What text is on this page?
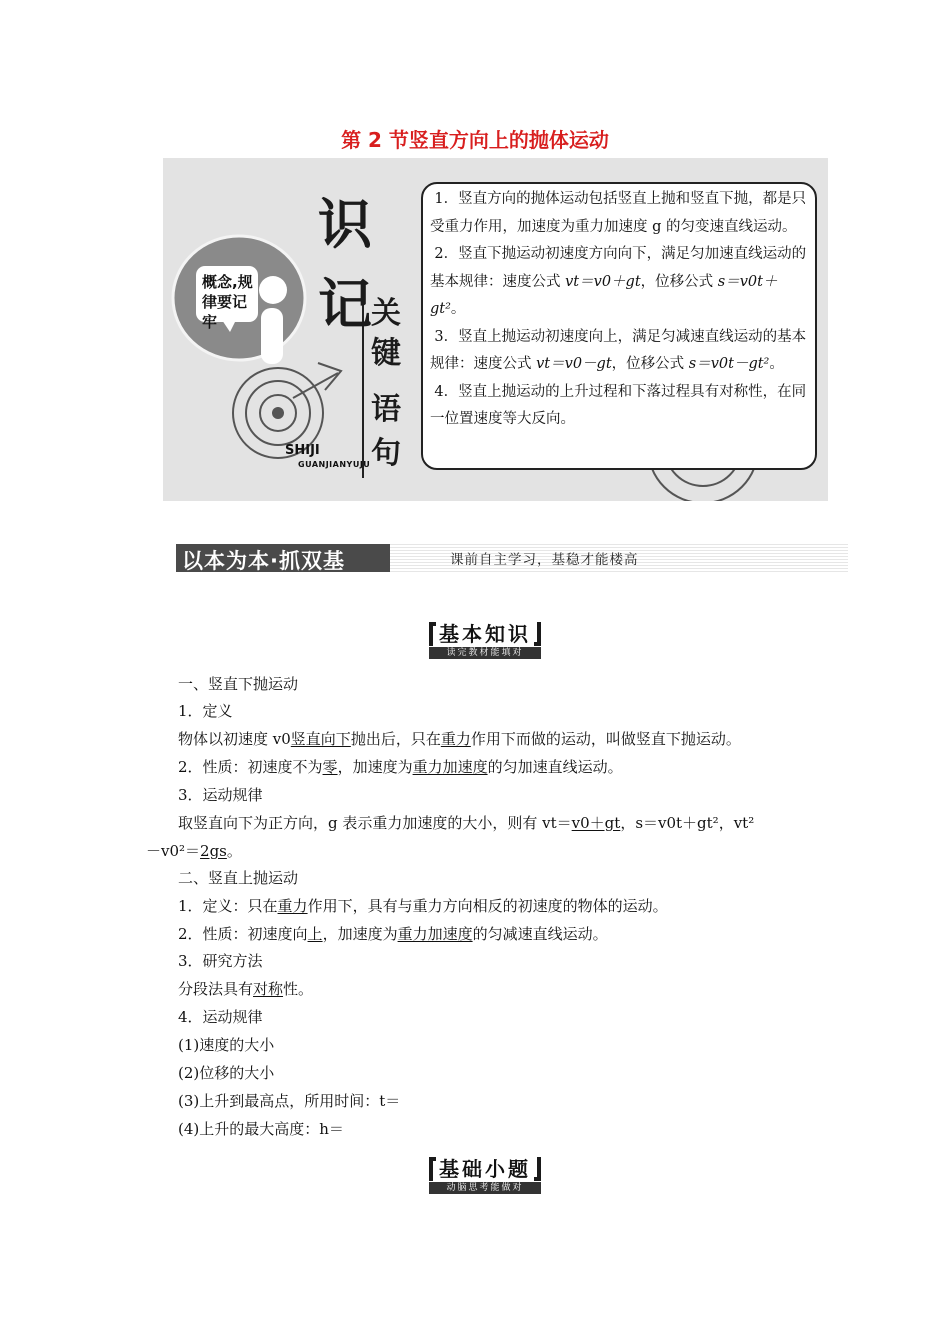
第 2 节竖直方向上的抛体运动
概念,规律要记牢
识
记 关
键
语
句
SHIJI
GUANJIANYUJU

1．竖直方向的抛体运动包括竖直上抛和竖直下抛，都是只受重力作用，加速度为重力加速度 g 的匀变速直线运动。

2．竖直下抛运动初速度方向向下，满足匀加速直线运动的基本规律：速度公式 vt＝v0＋gt，位移公式 s＝v0t＋gt²。

3．竖直上抛运动初速度向上，满足匀减速直线运动的基本规律：速度公式 vt＝v0－gt，位移公式 s＝v0t－gt²。

4．竖直上抛运动的上升过程和下落过程具有对称性，在同一位置速度等大反向。

以本为本·抓双基	课前自主学习，基稳才能楼高
基本知识
读完教材能填对
一、竖直下抛运动
1．定义
物体以初速度 v0竖直向下抛出后，只在重力作用下而做的运动，叫做竖直下抛运动。
2．性质：初速度不为零，加速度为重力加速度的匀加速直线运动。
3．运动规律
取竖直向下为正方向，g 表示重力加速度的大小，则有 vt＝v0＋gt，s＝v0t＋gt²，vt²
－v0²＝2gs。
二、竖直上抛运动
1．定义：只在重力作用下，具有与重力方向相反的初速度的物体的运动。
2．性质：初速度向上，加速度为重力加速度的匀减速直线运动。
3．研究方法
分段法具有对称性。
4．运动规律
(1)速度的大小
(2)位移的大小
(3)上升到最高点，所用时间：t＝
(4)上升的最大高度：h＝
基础小题
动脑思考能做对
